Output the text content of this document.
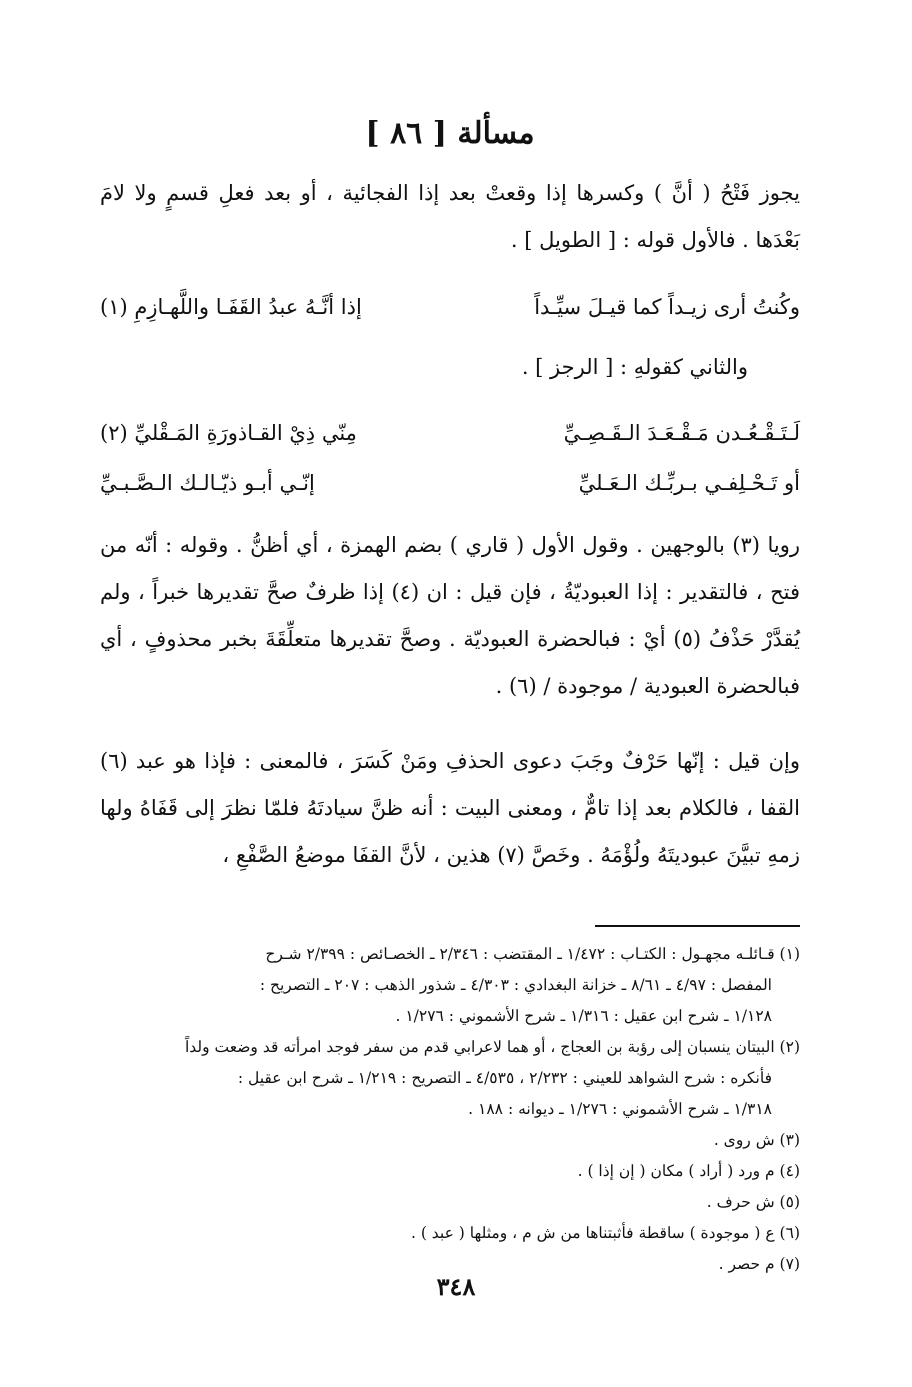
مسألة [ ٨٦ ]

يجوز فَتْحُ ( أنَّ ) وكسرها إذا وقعتْ بعد إذا الفجائية ، أو بعد فعلِ قسمٍ ولا لامَ بَعْدَها . فالأول قوله : [ الطويل ] .

وكُنتُ أرى زيـداً كما قيـلَ سيِّـداً
إذا أنَّـهُ عبدُ القَفَـا واللَّهـازِمِ (١)

والثاني كقولهِ : [ الرجز ] .

لَـتَـقْـعُـدن مَـقْـعَـدَ الـقَـصِـيِّ
مِنّي ذِيْ القـاذورَةِ المَـقْليِّ (٢)
أو تَـحْـلِفـي بـربِّـك الـعَـليِّ
إنّـي أبـو ذيّـالـك الـصَّـبـيِّ

رويا (٣) بالوجهين . وقول الأول ( قاري ) بضم الهمزة ، أي أظنُّ . وقوله : أنّه من فتح ، فالتقدير : إذا العبوديّةُ ، فإن قيل : ان (٤) إذا ظرفٌ صحَّ تقديرها خبراً ، ولم يُقدَّرْ حَذْفُ (٥) أيْ : فبالحضرة العبوديّة . وصحَّ تقديرها متعلِّقَةَ بخبر محذوفٍ ، أي فبالحضرة العبودية / موجودة / (٦) .

وإن قيل : إنّها حَرْفٌ وجَبَ دعوى الحذفِ ومَنْ كَسَرَ ، فالمعنى : فإذا هو عبد (٦) القفا ، فالكلام بعد إذا تامٌّ ، ومعنى البيت : أنه ظنَّ سيادتَهُ فلمّا نظرَ إلى قَفَاهُ ولها زمهِ تبيَّنَ عبوديتَهُ ولُؤْمَهُ . وخَصَّ (٧) هذين ، لأنَّ القفَا موضعُ الصَّفْعِ ،

(١) قـائلـه مجهـول : الكتـاب : ١/٤٧٢ ـ المقتضب : ٢/٣٤٦ ـ الخصـائص : ٢/٣٩٩ شـرح
المفصل : ٤/٩٧ ـ ٨/٦١ ـ خزانة البغدادي : ٤/٣٠٣ ـ شذور الذهب : ٢٠٧ ـ التصريح :
١/١٢٨ ـ شرح ابن عقيل : ١/٣١٦ ـ شرح الأشموني : ١/٢٧٦ .
(٢) البيتان ينسبان إلى رؤبة بن العجاج ، أو هما لاعرابي قدم من سفر فوجد امرأته قد وضعت ولداً
فأنكره : شرح الشواهد للعيني : ٢/٢٣٢ ، ٤/٥٣٥ ـ التصريح : ١/٢١٩ ـ شرح ابن عقيل :
١/٣١٨ ـ شرح الأشموني : ١/٢٧٦ ـ ديوانه : ١٨٨ .
(٣) ش روى .
(٤) م ورد ( أراد ) مكان ( إن إذا ) .
(٥) ش حرف .
(٦) ع ( موجودة ) ساقطة فأثبتناها من ش م ، ومثلها ( عبد ) .
(٧) م حصر .
٣٤٨
